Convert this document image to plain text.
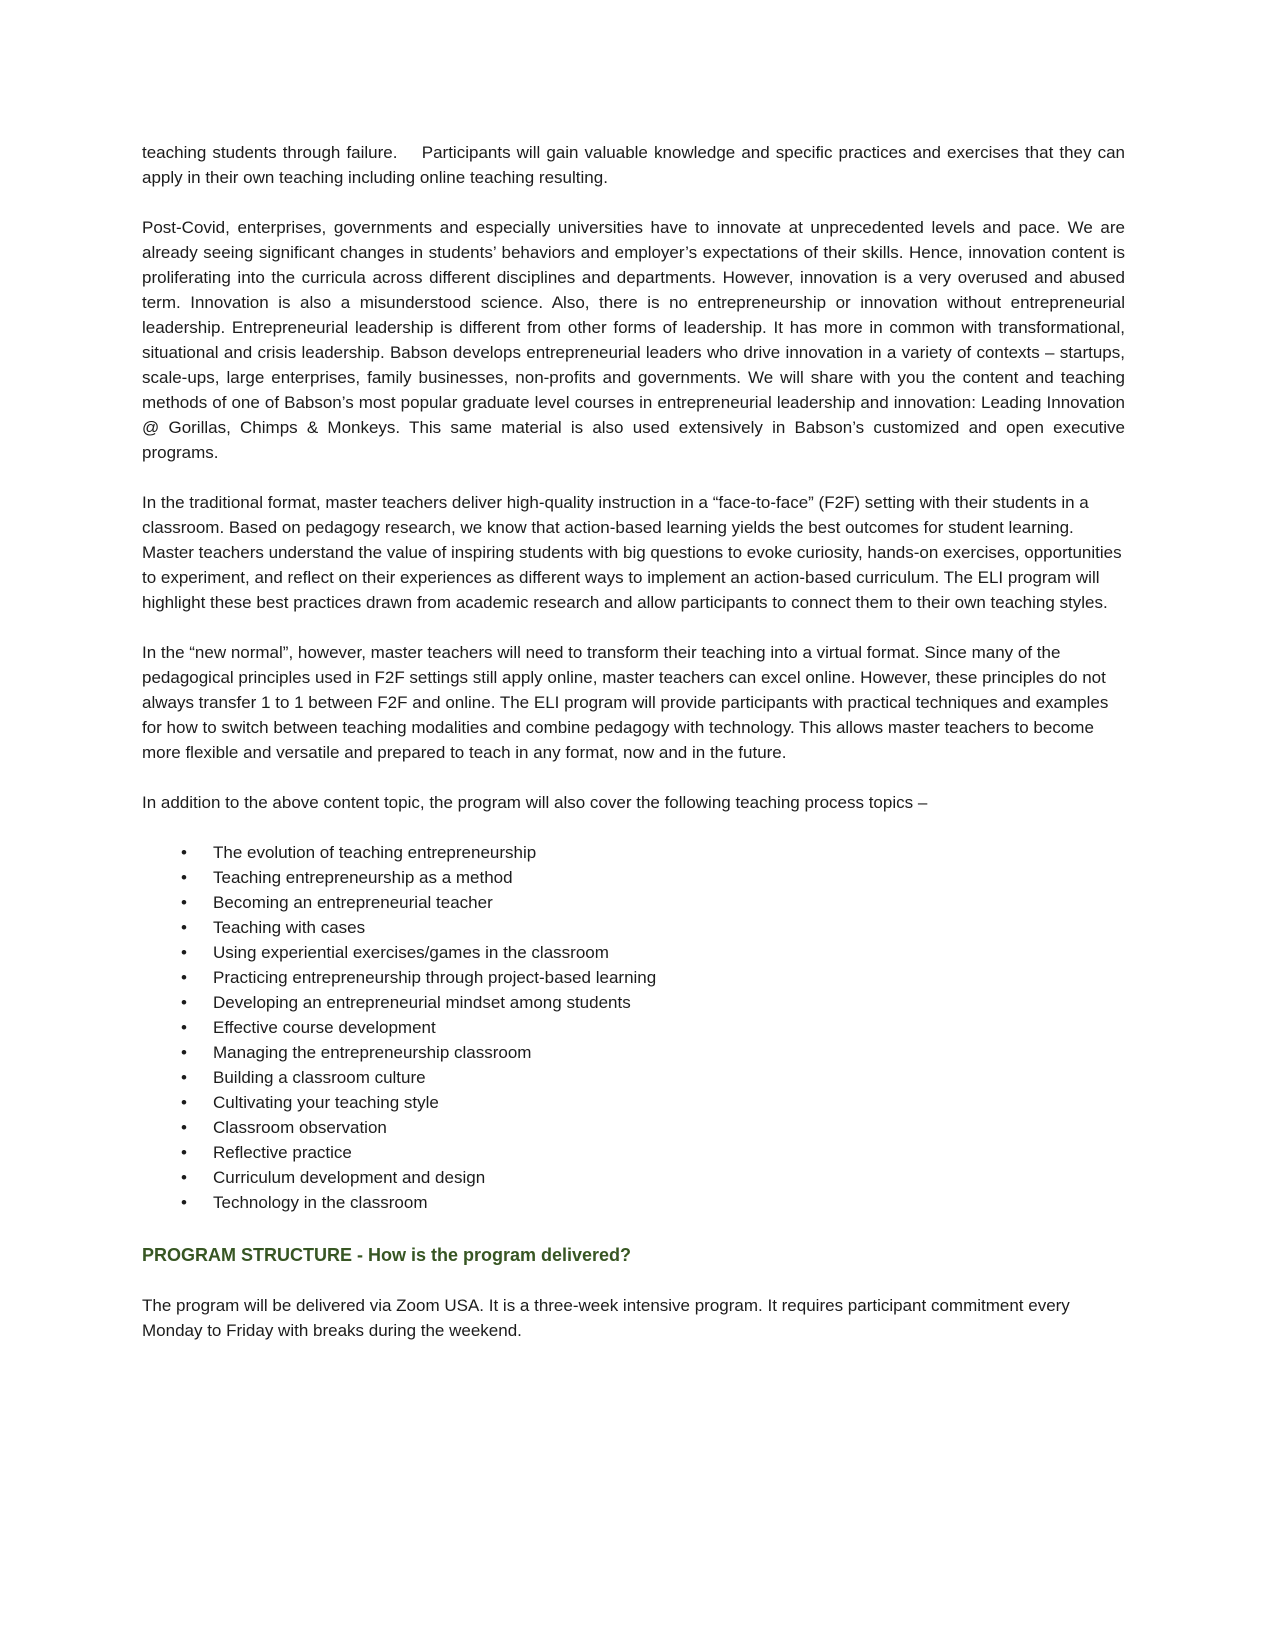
teaching students through failure.    Participants will gain valuable knowledge and specific practices and exercises that they can apply in their own teaching including online teaching resulting.

Post-Covid, enterprises, governments and especially universities have to innovate at unprecedented levels and pace. We are already seeing significant changes in students’ behaviors and employer’s expectations of their skills. Hence, innovation content is proliferating into the curricula across different disciplines and departments. However, innovation is a very overused and abused term. Innovation is also a misunderstood science. Also, there is no entrepreneurship or innovation without entrepreneurial leadership. Entrepreneurial leadership is different from other forms of leadership. It has more in common with transformational, situational and crisis leadership. Babson develops entrepreneurial leaders who drive innovation in a variety of contexts – startups, scale-ups, large enterprises, family businesses, non-profits and governments. We will share with you the content and teaching methods of one of Babson’s most popular graduate level courses in entrepreneurial leadership and innovation: Leading Innovation @ Gorillas, Chimps & Monkeys. This same material is also used extensively in Babson’s customized and open executive programs.

In the traditional format, master teachers deliver high-quality instruction in a “face-to-face” (F2F) setting with their students in a classroom. Based on pedagogy research, we know that action-based learning yields the best outcomes for student learning. Master teachers understand the value of inspiring students with big questions to evoke curiosity, hands-on exercises, opportunities to experiment, and reflect on their experiences as different ways to implement an action-based curriculum. The ELI program will highlight these best practices drawn from academic research and allow participants to connect them to their own teaching styles.

In the “new normal”, however, master teachers will need to transform their teaching into a virtual format. Since many of the pedagogical principles used in F2F settings still apply online, master teachers can excel online. However, these principles do not always transfer 1 to 1 between F2F and online. The ELI program will provide participants with practical techniques and examples for how to switch between teaching modalities and combine pedagogy with technology. This allows master teachers to become more flexible and versatile and prepared to teach in any format, now and in the future.

In addition to the above content topic, the program will also cover the following teaching process topics –

• The evolution of teaching entrepreneurship
• Teaching entrepreneurship as a method
• Becoming an entrepreneurial teacher
• Teaching with cases
• Using experiential exercises/games in the classroom
• Practicing entrepreneurship through project-based learning
• Developing an entrepreneurial mindset among students
• Effective course development
• Managing the entrepreneurship classroom
• Building a classroom culture
• Cultivating your teaching style
• Classroom observation
• Reflective practice
• Curriculum development and design
• Technology in the classroom
PROGRAM STRUCTURE - How is the program delivered?

The program will be delivered via Zoom USA. It is a three-week intensive program. It requires participant commitment every Monday to Friday with breaks during the weekend.
